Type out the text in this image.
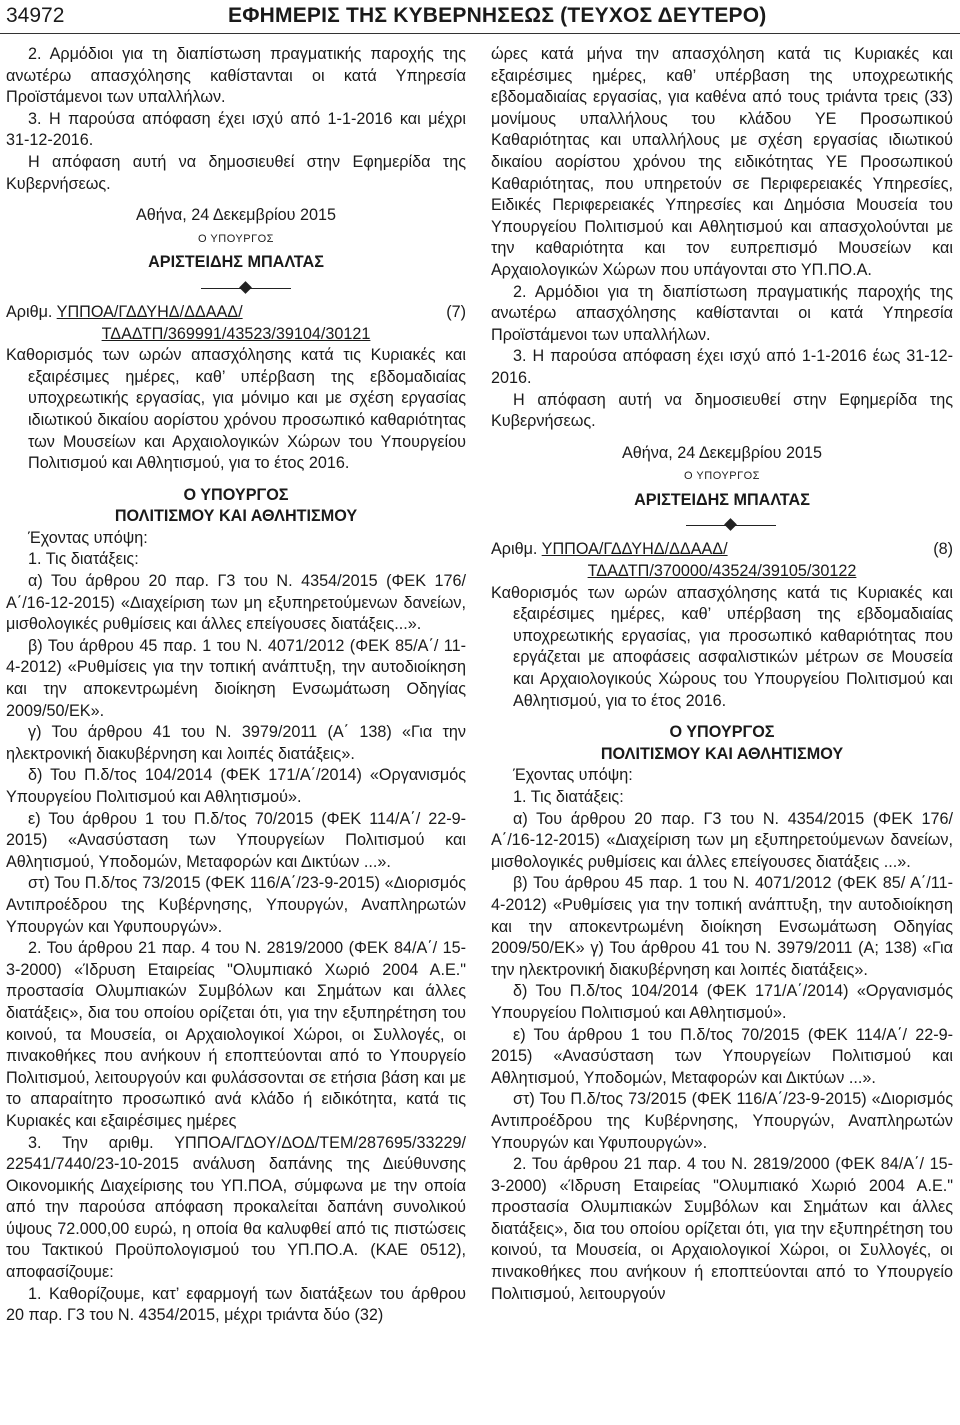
34972	ΕΦΗΜΕΡΙΣ ΤΗΣ ΚΥΒΕΡΝΗΣΕΩΣ (ΤΕΥΧΟΣ ΔΕΥΤΕΡΟ)

2. Αρμόδιοι για τη διαπίστωση πραγματικής παροχής της ανωτέρω απασχόλησης καθίστανται οι κατά Υπηρεσία Προϊστάμενοι των υπαλλήλων.

3. Η παρούσα απόφαση έχει ισχύ από 1-1-2016 και μέχρι 31-12-2016.

Η απόφαση αυτή να δημοσιευθεί στην Εφημερίδα της Κυβερνήσεως.

Αθήνα, 24 Δεκεμβρίου 2015

Ο ΥΠΟΥΡΓΟΣ

ΑΡΙΣΤΕΙΔΗΣ ΜΠΑΛΤΑΣ

Αριθμ. ΥΠΠΟΑ/ΓΔΔΥΗΔ/ΔΔΑΑΔ/	(7)

ΤΔΑΔΤΠ/369991/43523/39104/30121

Καθορισμός των ωρών απασχόλησης κατά τις Κυριακές και εξαιρέσιμες ημέρες, καθ’ υπέρβαση της εβδομαδιαίας υποχρεωτικής εργασίας, για μόνιμο και με σχέση εργασίας ιδιωτικού δικαίου αορίστου χρόνου προσωπικό καθαριότητας των Μουσείων και Αρχαιολογικών Χώρων του Υπουργείου Πολιτισμού και Αθλητισμού, για το έτος 2016.

Ο ΥΠΟΥΡΓΟΣ

ΠΟΛΙΤΙΣΜΟΥ ΚΑΙ ΑΘΛΗΤΙΣΜΟΥ

Έχοντας υπόψη:

1. Τις διατάξεις:

α) Του άρθρου 20 παρ. Γ3 του Ν. 4354/2015 (ΦΕΚ 176/ Α΄/16-12-2015) «Διαχείριση των μη εξυπηρετούμενων δανείων, μισθολογικές ρυθμίσεις και άλλες επείγουσες διατάξεις...».

β) Του άρθρου 45 παρ. 1 του Ν. 4071/2012 (ΦΕΚ 85/Α΄/ 11-4-2012) «Ρυθμίσεις για την τοπική ανάπτυξη, την αυτοδιοίκηση και την αποκεντρωμένη διοίκηση Ενσωμάτωση Οδηγίας 2009/50/ΕΚ».

γ) Του άρθρου 41 του Ν. 3979/2011 (Α΄ 138) «Για την ηλεκτρονική διακυβέρνηση και λοιπές διατάξεις».

δ) Του Π.δ/τος 104/2014 (ΦΕΚ 171/Α΄/2014) «Οργανισμός Υπουργείου Πολιτισμού και Αθλητισμού».

ε) Του άρθρου 1 του Π.δ/τος 70/2015 (ΦΕΚ 114/Α΄/ 22-9-2015) «Ανασύσταση των Υπουργείων Πολιτισμού και Αθλητισμού, Υποδομών, Μεταφορών και Δικτύων ...».

στ) Του Π.δ/τος 73/2015 (ΦΕΚ 116/Α΄/23-9-2015) «Διορισμός Αντιπροέδρου της Κυβέρνησης, Υπουργών, Αναπληρωτών Υπουργών και Υφυπουργών».

2. Του άρθρου 21 παρ. 4 του Ν. 2819/2000 (ΦΕΚ 84/Α΄/ 15-3-2000) «Ίδρυση Εταιρείας "Ολυμπιακό Χωριό 2004 Α.Ε." προστασία Ολυμπιακών Συμβόλων και Σημάτων και άλλες διατάξεις», δια του οποίου ορίζεται ότι, για την εξυπηρέτηση του κοινού, τα Μουσεία, οι Αρχαιολογικοί Χώροι, οι Συλλογές, οι πινακοθήκες που ανήκουν ή εποπτεύονται από το Υπουργείο Πολιτισμού, λειτουργούν και φυλάσσονται σε ετήσια βάση και με το απαραίτητο προσωπικό ανά κλάδο ή ειδικότητα, κατά τις Κυριακές και εξαιρέσιμες ημέρες

3. Την αριθμ. ΥΠΠΟΑ/ΓΔΟΥ/ΔΟΔ/ΤΕΜ/287695/33229/ 22541/7440/23-10-2015 ανάλυση δαπάνης της Διεύθυνσης Οικονομικής Διαχείρισης του ΥΠ.ΠΟΑ, σύμφωνα με την οποία από την παρούσα απόφαση προκαλείται δαπάνη συνολικού ύψους 72.000,00 ευρώ, η οποία θα καλυφθεί από τις πιστώσεις του Τακτικού Προϋπολογισμού του ΥΠ.ΠΟ.Α. (ΚΑΕ 0512), αποφασίζουμε:

1. Καθορίζουμε, κατ’ εφαρμογή των διατάξεων του άρθρου 20 παρ. Γ3 του Ν. 4354/2015, μέχρι τριάντα δύο (32)

ώρες κατά μήνα την απασχόληση κατά τις Κυριακές και εξαιρέσιμες ημέρες, καθ’ υπέρβαση της υποχρεωτικής εβδομαδιαίας εργασίας, για καθένα από τους τριάντα τρεις (33) μονίμους υπαλλήλους του κλάδου ΥΕ Προσωπικού Καθαριότητας και υπαλλήλους με σχέση εργασίας ιδιωτικού δικαίου αορίστου χρόνου της ειδικότητας ΥΕ Προσωπικού Καθαριότητας, που υπηρετούν σε Περιφερειακές Υπηρεσίες, Ειδικές Περιφερειακές Υπηρεσίες και Δημόσια Μουσεία του Υπουργείου Πολιτισμού και Αθλητισμού και απασχολούνται με την καθαριότητα και τον ευπρεπισμό Μουσείων και Αρχαιολογικών Χώρων που υπάγονται στο ΥΠ.ΠΟ.Α.

2. Αρμόδιοι για τη διαπίστωση πραγματικής παροχής της ανωτέρω απασχόλησης καθίστανται οι κατά Υπηρεσία Προϊστάμενοι των υπαλλήλων.

3. Η παρούσα απόφαση έχει ισχύ από 1-1-2016 έως 31-12-2016.

Η απόφαση αυτή να δημοσιευθεί στην Εφημερίδα της Κυβερνήσεως.

Αθήνα, 24 Δεκεμβρίου 2015

Ο ΥΠΟΥΡΓΟΣ

ΑΡΙΣΤΕΙΔΗΣ ΜΠΑΛΤΑΣ

Αριθμ. ΥΠΠΟΑ/ΓΔΔΥΗΔ/ΔΔΑΑΔ/	(8)

ΤΔΑΔΤΠ/370000/43524/39105/30122

Καθορισμός των ωρών απασχόλησης κατά τις Κυριακές και εξαιρέσιμες ημέρες, καθ’ υπέρβαση της εβδομαδιαίας υποχρεωτικής εργασίας, για προσωπικό καθαριότητας που εργάζεται με αποφάσεις ασφαλιστικών μέτρων σε Μουσεία και Αρχαιολογικούς Χώρους του Υπουργείου Πολιτισμού και Αθλητισμού, για το έτος 2016.

Ο ΥΠΟΥΡΓΟΣ

ΠΟΛΙΤΙΣΜΟΥ ΚΑΙ ΑΘΛΗΤΙΣΜΟΥ

Έχοντας υπόψη:

1. Τις διατάξεις:

α) Του άρθρου 20 παρ. Γ3 του Ν. 4354/2015 (ΦΕΚ 176/ Α΄/16-12-2015) «Διαχείριση των μη εξυπηρετούμενων δανείων, μισθολογικές ρυθμίσεις και άλλες επείγουσες διατάξεις ...».

β) Του άρθρου 45 παρ. 1 του Ν. 4071/2012 (ΦΕΚ 85/ Α΄/11-4-2012) «Ρυθμίσεις για την τοπική ανάπτυξη, την αυτοδιοίκηση και την αποκεντρωμένη διοίκηση Ενσωμάτωση Οδηγίας 2009/50/ΕΚ» γ) Του άρθρου 41 του Ν. 3979/2011 (Α; 138) «Για την ηλεκτρονική διακυβέρνηση και λοιπές διατάξεις».

δ) Του Π.δ/τος 104/2014 (ΦΕΚ 171/Α΄/2014) «Οργανισμός Υπουργείου Πολιτισμού και Αθλητισμού».

ε) Του άρθρου 1 του Π.δ/τος 70/2015 (ΦΕΚ 114/Α΄/ 22-9-2015) «Ανασύσταση των Υπουργείων Πολιτισμού και Αθλητισμού, Υποδομών, Μεταφορών και Δικτύων ...».

στ) Του Π.δ/τος 73/2015 (ΦΕΚ 116/Α΄/23-9-2015) «Διορισμός Αντιπροέδρου της Κυβέρνησης, Υπουργών, Αναπληρωτών Υπουργών και Υφυπουργών».

2. Του άρθρου 21 παρ. 4 του Ν. 2819/2000 (ΦΕΚ 84/Α΄/ 15-3-2000) «Ίδρυση Εταιρείας "Ολυμπιακό Χωριό 2004 Α.Ε." προστασία Ολυμπιακών Συμβόλων και Σημάτων και άλλες διατάξεις», δια του οποίου ορίζεται ότι, για την εξυπηρέτηση του κοινού, τα Μουσεία, οι Αρχαιολογικοί Χώροι, οι Συλλογές, οι πινακοθήκες που ανήκουν ή εποπτεύονται από το Υπουργείο Πολιτισμού, λειτουργούν
